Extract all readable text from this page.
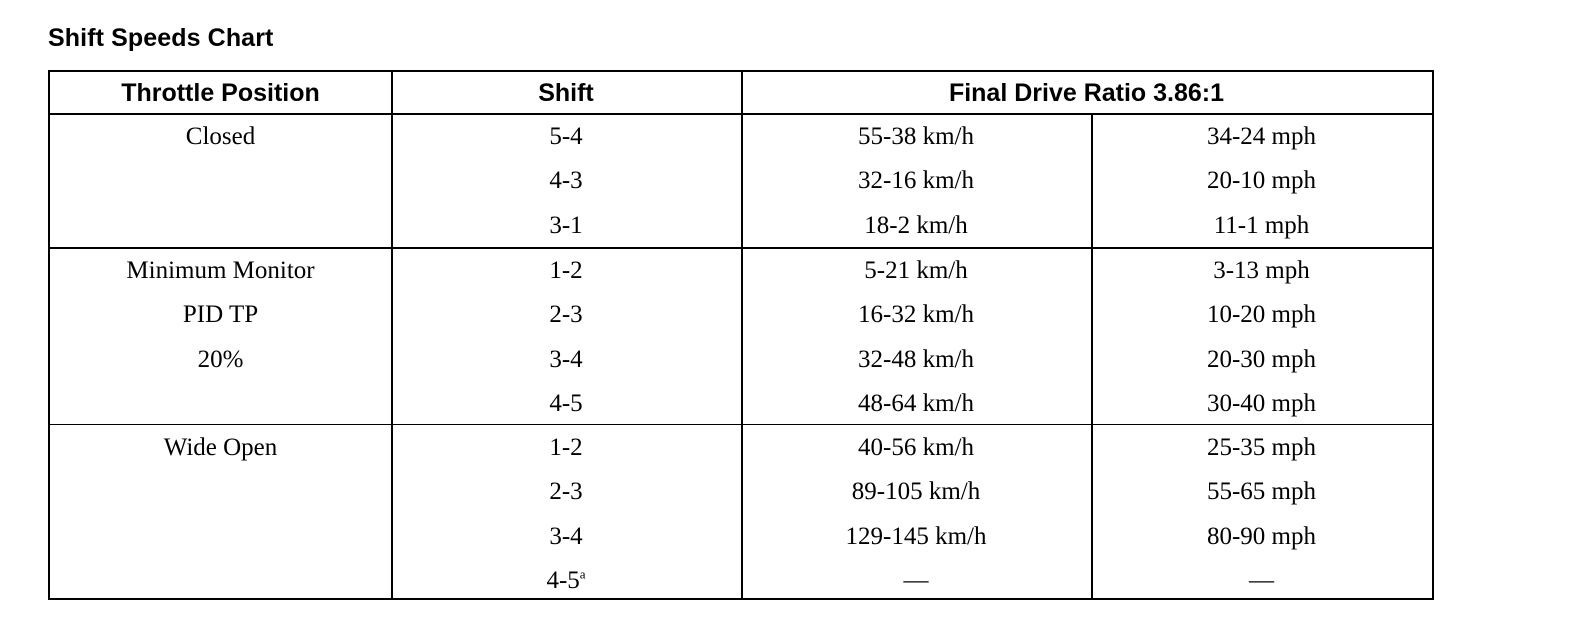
Shift Speeds Chart
Throttle Position	Shift	Final Drive Ratio 3.86:1
Closed	5-4	55-38 km/h	34-24 mph
4-3	32-16 km/h	20-10 mph
3-1	18-2 km/h	11-1 mph
Minimum Monitor
PID TP
20%
1-2	5-21 km/h	3-13 mph
2-3	16-32 km/h	10-20 mph
3-4	32-48 km/h	20-30 mph
4-5	48-64 km/h	30-40 mph
Wide Open	1-2	40-56 km/h	25-35 mph
2-3	89-105 km/h	55-65 mph
3-4	129-145 km/h	80-90 mph
4-5$^a$	—	—
